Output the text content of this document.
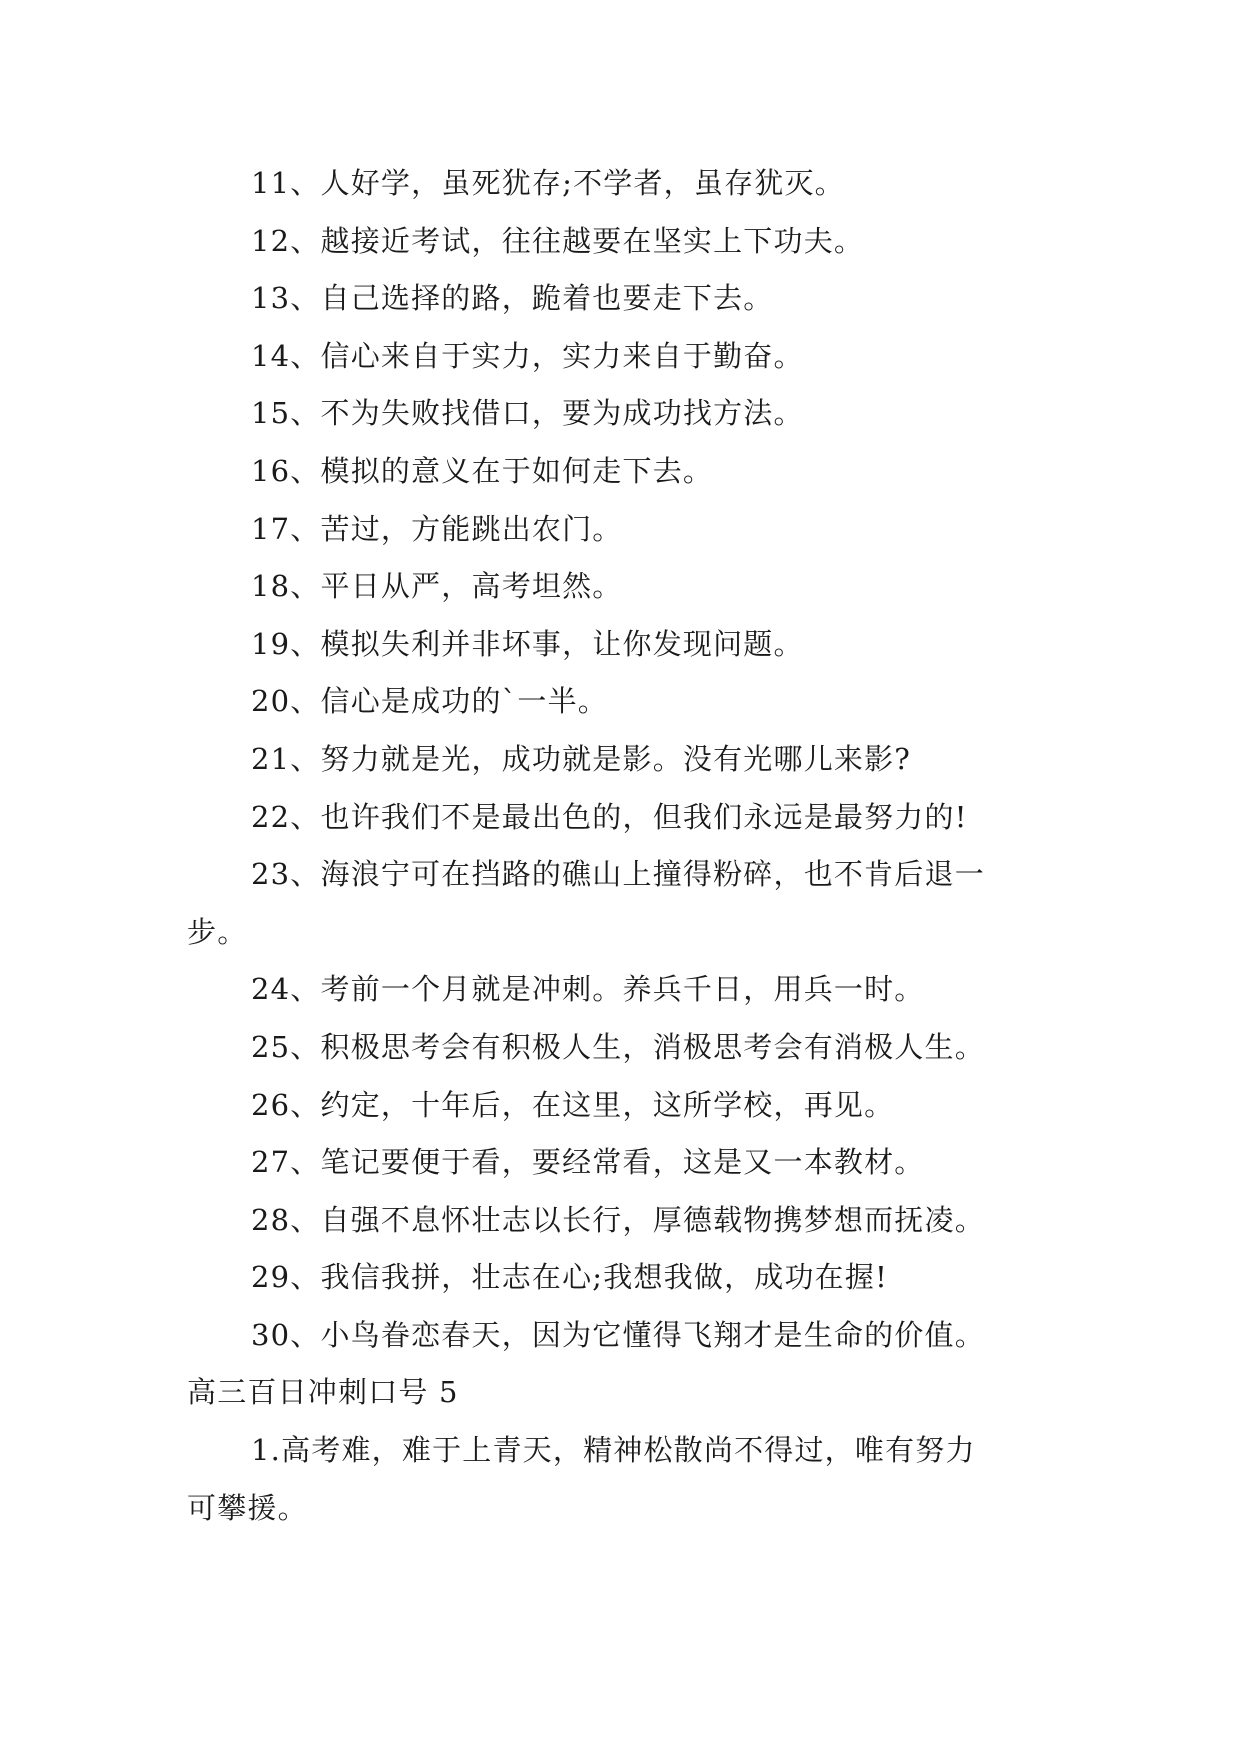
11、人好学，虽死犹存;不学者，虽存犹灭。

12、越接近考试，往往越要在坚实上下功夫。

13、自己选择的路，跪着也要走下去。

14、信心来自于实力，实力来自于勤奋。

15、不为失败找借口，要为成功找方法。

16、模拟的意义在于如何走下去。

17、苦过，方能跳出农门。

18、平日从严，高考坦然。

19、模拟失利并非坏事，让你发现问题。

20、信心是成功的`一半。

21、努力就是光，成功就是影。没有光哪儿来影?

22、也许我们不是最出色的，但我们永远是最努力的!

23、海浪宁可在挡路的礁山上撞得粉碎，也不肯后退一

步。

24、考前一个月就是冲刺。养兵千日，用兵一时。

25、积极思考会有积极人生，消极思考会有消极人生。

26、约定，十年后，在这里，这所学校，再见。

27、笔记要便于看，要经常看，这是又一本教材。

28、自强不息怀壮志以长行，厚德载物携梦想而抚凌。

29、我信我拼，壮志在心;我想我做，成功在握!

30、小鸟眷恋春天，因为它懂得飞翔才是生命的价值。

高三百日冲刺口号 5

1.高考难，难于上青天，精神松散尚不得过，唯有努力

可攀援。
